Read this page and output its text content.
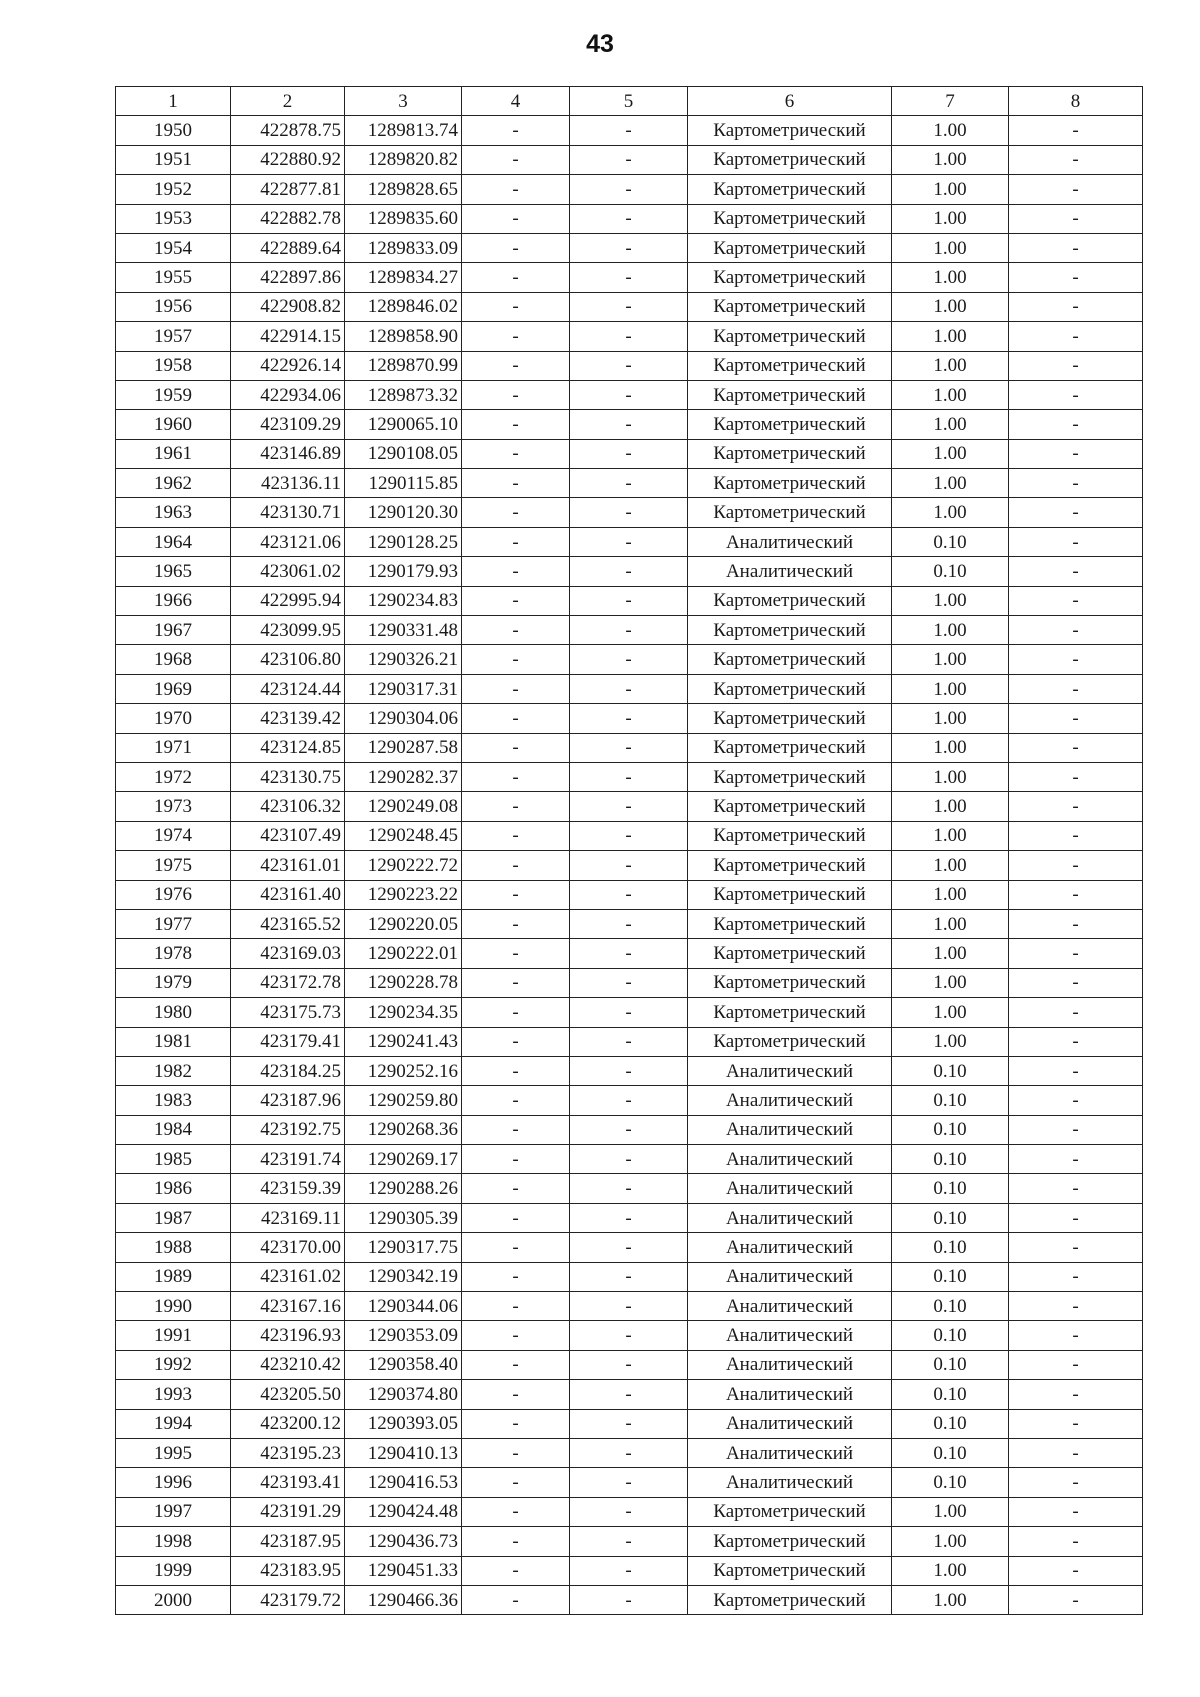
43
1	2	3	4	5	6	7	8
1950	422878.75	1289813.74	-	-	Картометрический	1.00	-
1951	422880.92	1289820.82	-	-	Картометрический	1.00	-
1952	422877.81	1289828.65	-	-	Картометрический	1.00	-
1953	422882.78	1289835.60	-	-	Картометрический	1.00	-
1954	422889.64	1289833.09	-	-	Картометрический	1.00	-
1955	422897.86	1289834.27	-	-	Картометрический	1.00	-
1956	422908.82	1289846.02	-	-	Картометрический	1.00	-
1957	422914.15	1289858.90	-	-	Картометрический	1.00	-
1958	422926.14	1289870.99	-	-	Картометрический	1.00	-
1959	422934.06	1289873.32	-	-	Картометрический	1.00	-
1960	423109.29	1290065.10	-	-	Картометрический	1.00	-
1961	423146.89	1290108.05	-	-	Картометрический	1.00	-
1962	423136.11	1290115.85	-	-	Картометрический	1.00	-
1963	423130.71	1290120.30	-	-	Картометрический	1.00	-
1964	423121.06	1290128.25	-	-	Аналитический	0.10	-
1965	423061.02	1290179.93	-	-	Аналитический	0.10	-
1966	422995.94	1290234.83	-	-	Картометрический	1.00	-
1967	423099.95	1290331.48	-	-	Картометрический	1.00	-
1968	423106.80	1290326.21	-	-	Картометрический	1.00	-
1969	423124.44	1290317.31	-	-	Картометрический	1.00	-
1970	423139.42	1290304.06	-	-	Картометрический	1.00	-
1971	423124.85	1290287.58	-	-	Картометрический	1.00	-
1972	423130.75	1290282.37	-	-	Картометрический	1.00	-
1973	423106.32	1290249.08	-	-	Картометрический	1.00	-
1974	423107.49	1290248.45	-	-	Картометрический	1.00	-
1975	423161.01	1290222.72	-	-	Картометрический	1.00	-
1976	423161.40	1290223.22	-	-	Картометрический	1.00	-
1977	423165.52	1290220.05	-	-	Картометрический	1.00	-
1978	423169.03	1290222.01	-	-	Картометрический	1.00	-
1979	423172.78	1290228.78	-	-	Картометрический	1.00	-
1980	423175.73	1290234.35	-	-	Картометрический	1.00	-
1981	423179.41	1290241.43	-	-	Картометрический	1.00	-
1982	423184.25	1290252.16	-	-	Аналитический	0.10	-
1983	423187.96	1290259.80	-	-	Аналитический	0.10	-
1984	423192.75	1290268.36	-	-	Аналитический	0.10	-
1985	423191.74	1290269.17	-	-	Аналитический	0.10	-
1986	423159.39	1290288.26	-	-	Аналитический	0.10	-
1987	423169.11	1290305.39	-	-	Аналитический	0.10	-
1988	423170.00	1290317.75	-	-	Аналитический	0.10	-
1989	423161.02	1290342.19	-	-	Аналитический	0.10	-
1990	423167.16	1290344.06	-	-	Аналитический	0.10	-
1991	423196.93	1290353.09	-	-	Аналитический	0.10	-
1992	423210.42	1290358.40	-	-	Аналитический	0.10	-
1993	423205.50	1290374.80	-	-	Аналитический	0.10	-
1994	423200.12	1290393.05	-	-	Аналитический	0.10	-
1995	423195.23	1290410.13	-	-	Аналитический	0.10	-
1996	423193.41	1290416.53	-	-	Аналитический	0.10	-
1997	423191.29	1290424.48	-	-	Картометрический	1.00	-
1998	423187.95	1290436.73	-	-	Картометрический	1.00	-
1999	423183.95	1290451.33	-	-	Картометрический	1.00	-
2000	423179.72	1290466.36	-	-	Картометрический	1.00	-
